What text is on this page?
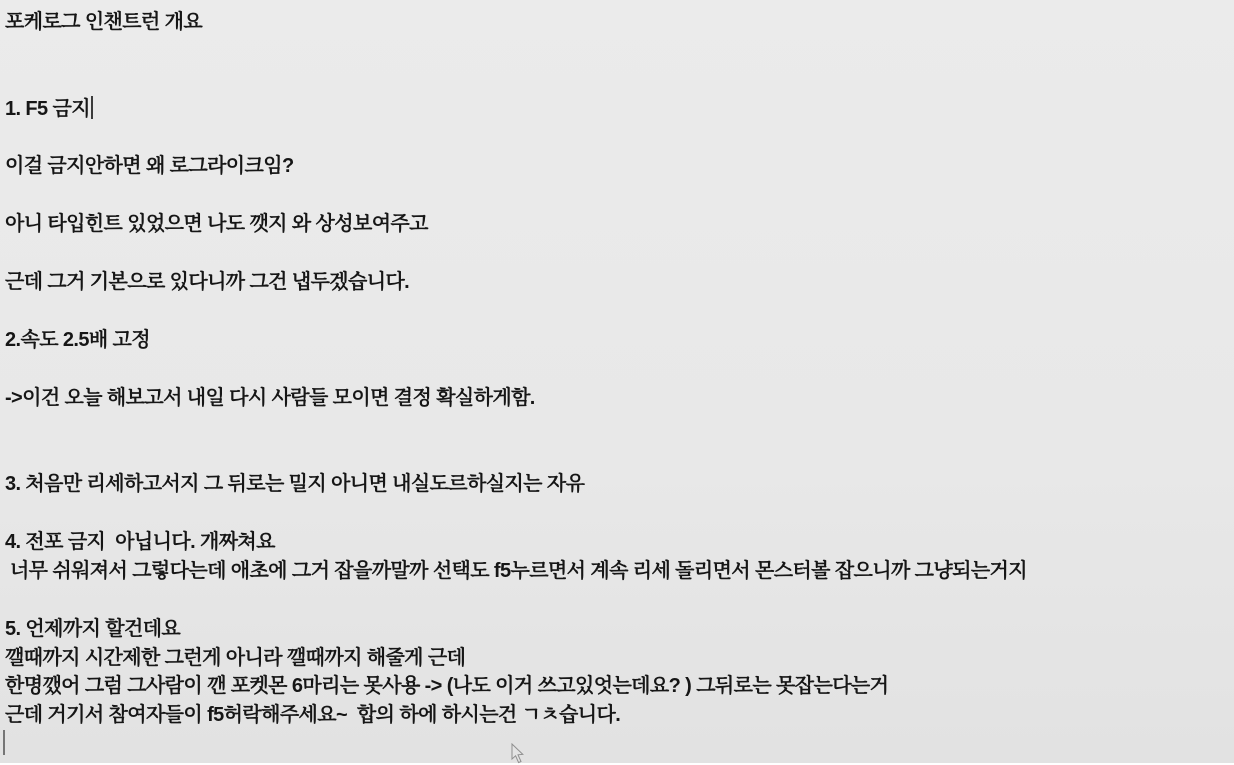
포케로그 인챈트런 개요
1. F5 금지
이걸 금지안하면 왜 로그라이크임?
아니 타입힌트 있었으면 나도 깻지 와 상성보여주고
근데 그거 기본으로 있다니까 그건 냅두겠습니다.
2.속도 2.5배 고정
->이건 오늘 해보고서 내일 다시 사람들 모이면 결정 확실하게함.
3. 처음만 리세하고서지 그 뒤로는 밀지 아니면 내실도르하실지는 자유
4. 전포 금지  아닙니다. 개짜쳐요
너무 쉬워져서 그렇다는데 애초에 그거 잡을까말까 선택도 f5누르면서 계속 리세 돌리면서 몬스터볼 잡으니까 그냥되는거지
5. 언제까지 할건데요
깰때까지 시간제한 그런게 아니라 깰때까지 해줄게 근데
한명깼어 그럼 그사람이 깬 포켓몬 6마리는 못사용 -> (나도 이거 쓰고있엇는데요? ) 그뒤로는 못잡는다는거
근데 거기서 참여자들이 f5허락해주세요~  합의 하에 하시는건 ㄱㅊ습니다.
